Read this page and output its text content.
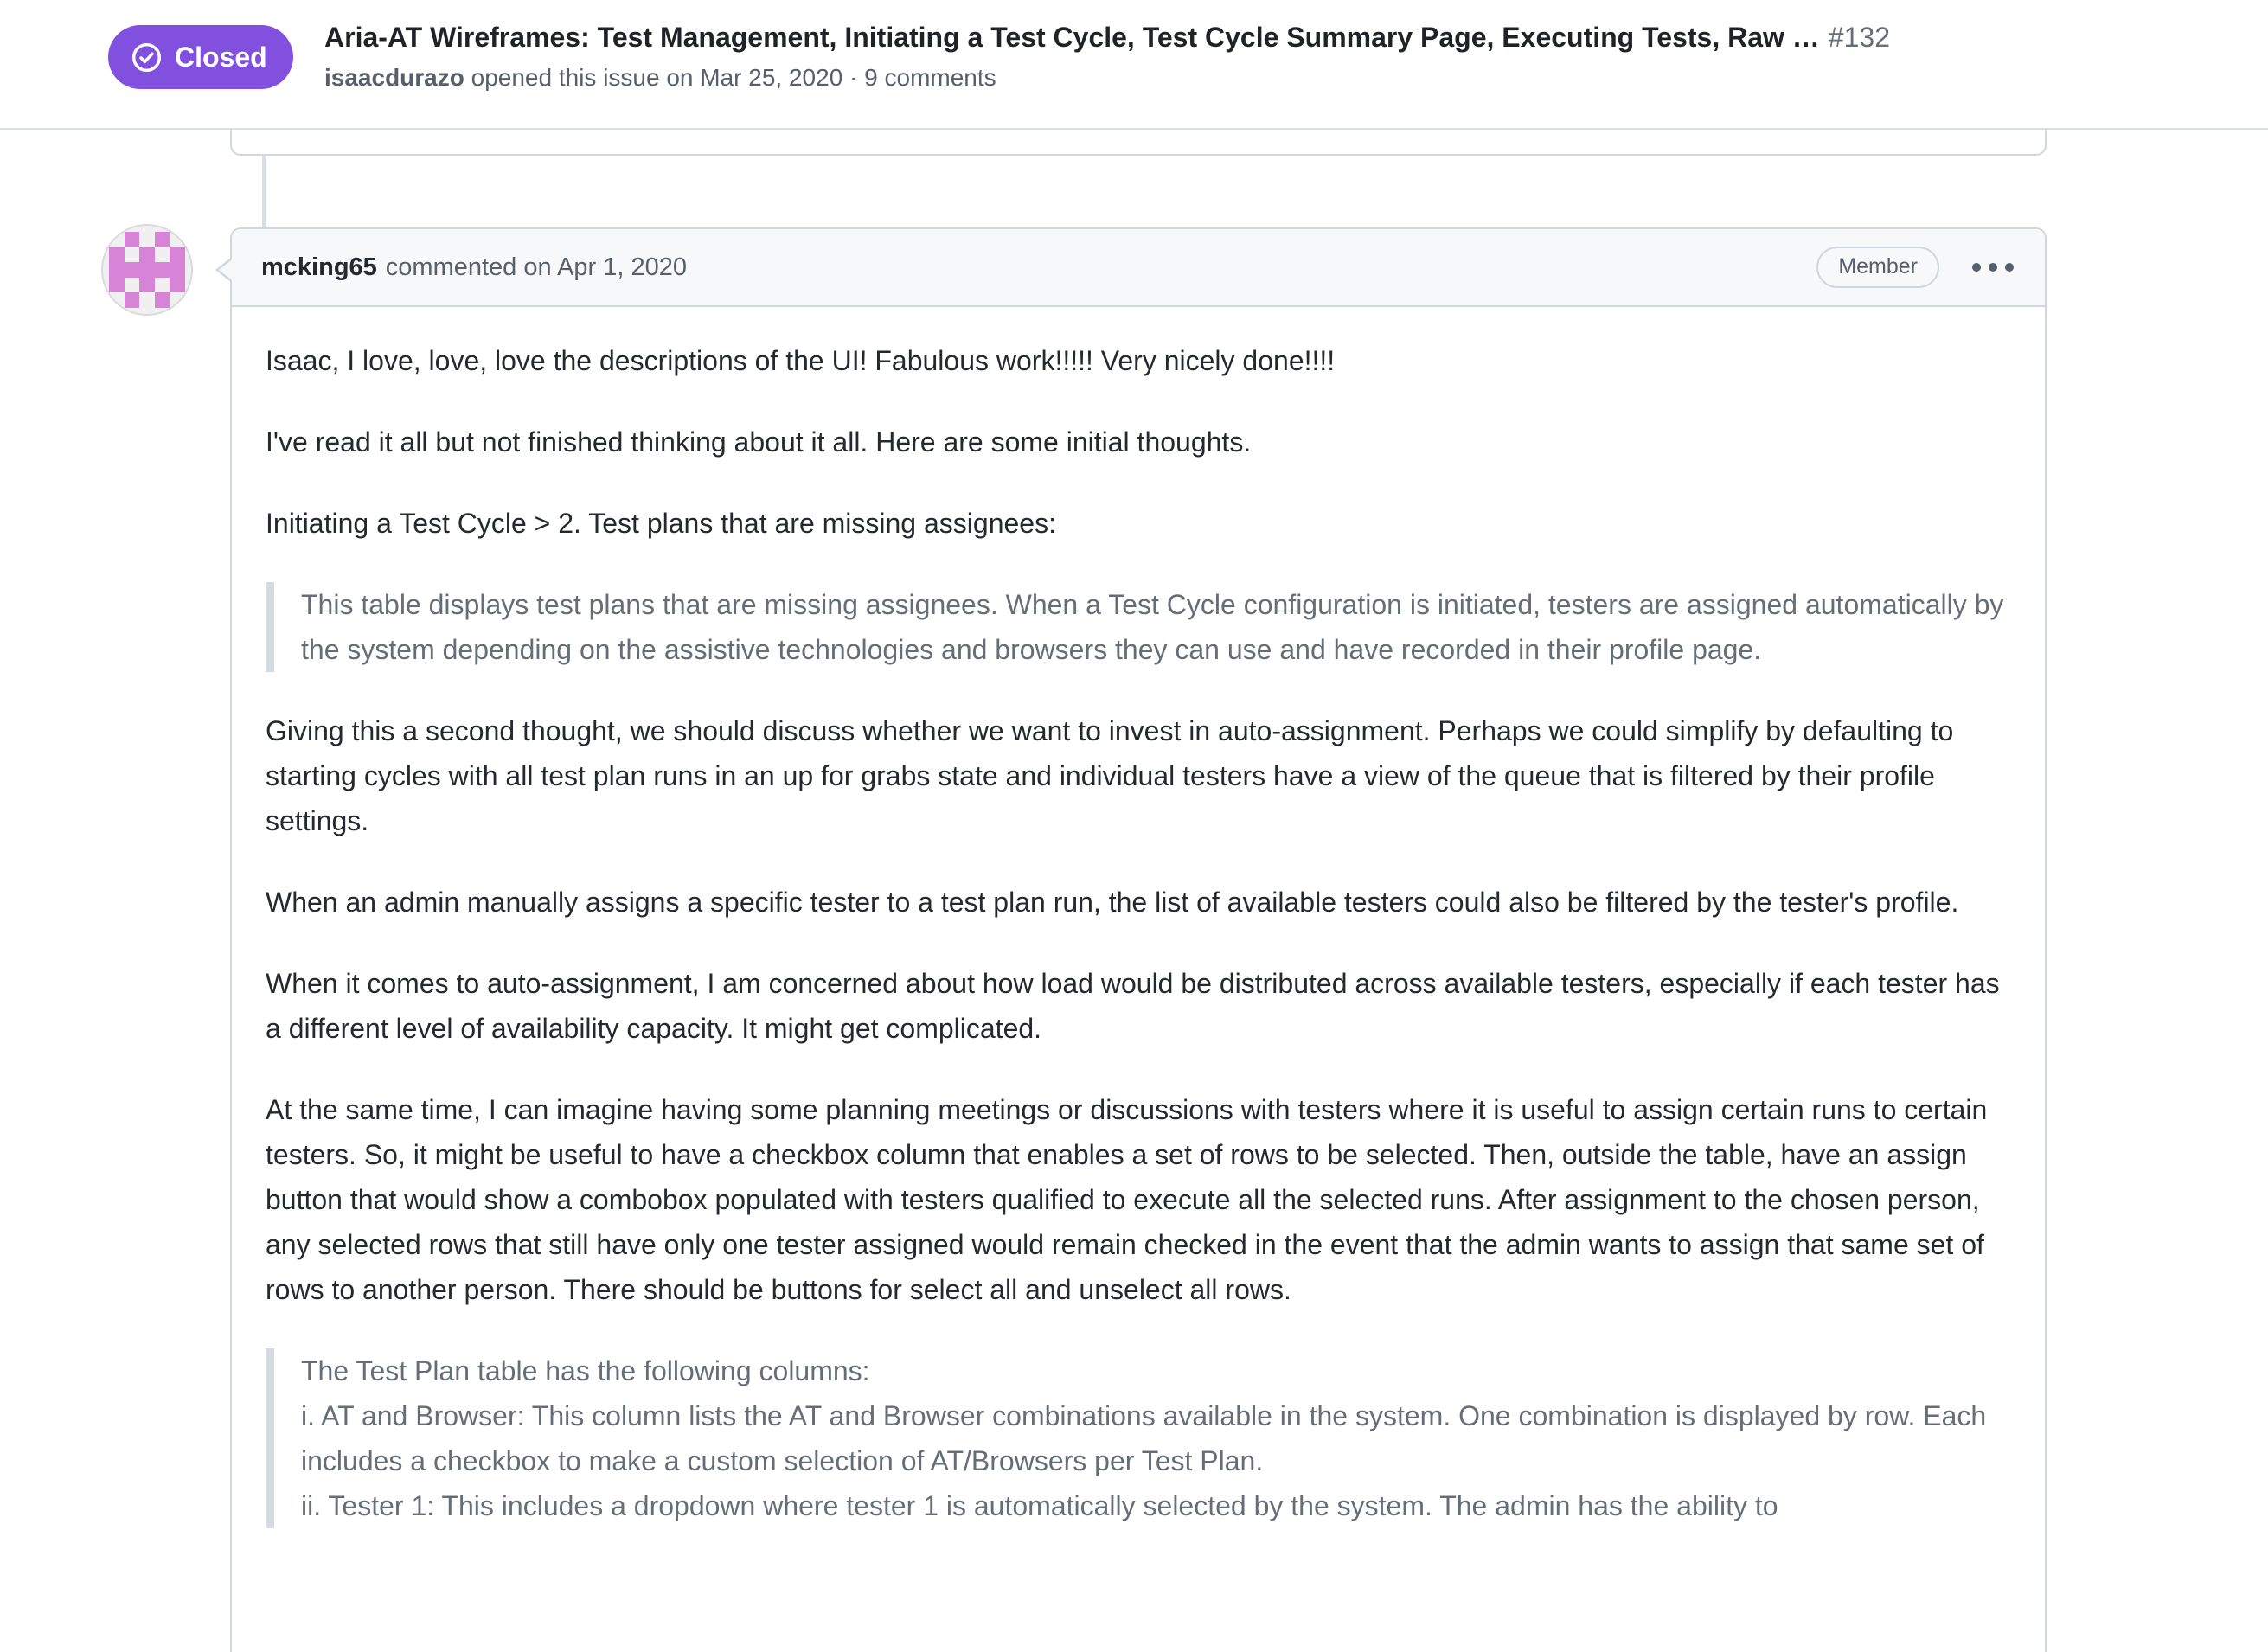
Closed
Aria-AT Wireframes: Test Management, Initiating a Test Cycle, Test Cycle Summary Page, Executing Tests, Raw … #132
isaacdurazo opened this issue on Mar 25, 2020 · 9 comments
mcking65 commented on Apr 1, 2020	Member

Isaac, I love, love, love the descriptions of the UI! Fabulous work!!!!! Very nicely done!!!!

I've read it all but not finished thinking about it all. Here are some initial thoughts.

Initiating a Test Cycle > 2. Test plans that are missing assignees:

This table displays test plans that are missing assignees. When a Test Cycle configuration is initiated, testers are assigned automatically by the system depending on the assistive technologies and browsers they can use and have recorded in their profile page.

Giving this a second thought, we should discuss whether we want to invest in auto-assignment. Perhaps we could simplify by defaulting to starting cycles with all test plan runs in an up for grabs state and individual testers have a view of the queue that is filtered by their profile settings.

When an admin manually assigns a specific tester to a test plan run, the list of available testers could also be filtered by the tester's profile.

When it comes to auto-assignment, I am concerned about how load would be distributed across available testers, especially if each tester has a different level of availability capacity. It might get complicated.

At the same time, I can imagine having some planning meetings or discussions with testers where it is useful to assign certain runs to certain testers. So, it might be useful to have a checkbox column that enables a set of rows to be selected. Then, outside the table, have an assign button that would show a combobox populated with testers qualified to execute all the selected runs. After assignment to the chosen person, any selected rows that still have only one tester assigned would remain checked in the event that the admin wants to assign that same set of rows to another person. There should be buttons for select all and unselect all rows.

The Test Plan table has the following columns:
i. AT and Browser: This column lists the AT and Browser combinations available in the system. One combination is displayed by row. Each includes a checkbox to make a custom selection of AT/Browsers per Test Plan.
ii. Tester 1: This includes a dropdown where tester 1 is automatically selected by the system. The admin has the ability to
